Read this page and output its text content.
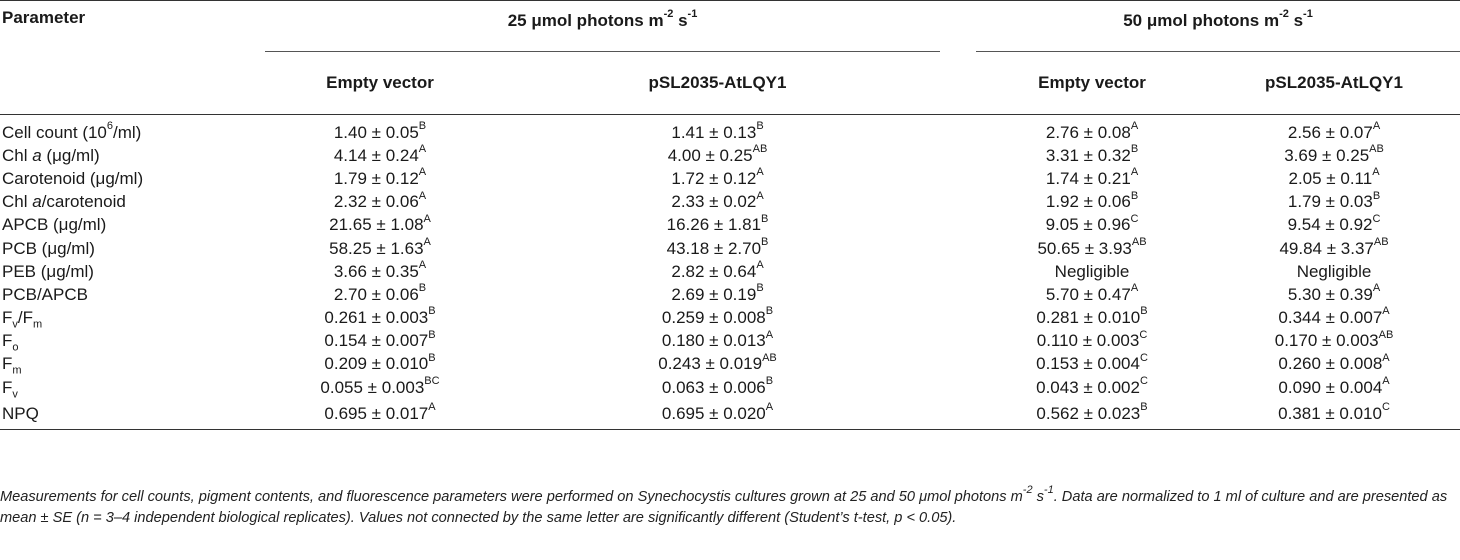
Parameter	25 μmol photons $m^{-2}$ $s^{-1}$			50 μmol photons $m^{-2}$ $s^{-1}$
	Empty vector	pSL2035-AtLQY1		Empty vector	pSL2035-AtLQY1
Cell count $(10^6/ml)$	$1.40 \pm 0.05^B$	$1.41 \pm 0.13^B$		$2.76 \pm 0.08^A$	$2.56 \pm 0.07^A$
Chl a (μg/ml)	$4.14 \pm 0.24^A$	$4.00 \pm 0.25^{AB}$		$3.31 \pm 0.32^B$	$3.69 \pm 0.25^{AB}$
Carotenoid (μg/ml)	$1.79 \pm 0.12^A$	$1.72 \pm 0.12^A$		$1.74 \pm 0.21^A$	$2.05 \pm 0.11^A$
Chl a/carotenoid	$2.32 \pm 0.06^A$	$2.33 \pm 0.02^A$		$1.92 \pm 0.06^B$	$1.79 \pm 0.03^B$
APCB (μg/ml)	$21.65 \pm 1.08^A$	$16.26 \pm 1.81^B$		$9.05 \pm 0.96^C$	$9.54 \pm 0.92^C$
PCB (μg/ml)	$58.25 \pm 1.63^A$	$43.18 \pm 2.70^B$		$50.65 \pm 3.93^{AB}$	$49.84 \pm 3.37^{AB}$
PEB (μg/ml)	$3.66 \pm 0.35^A$	$2.82 \pm 0.64^A$		Negligible	Negligible
PCB/APCB	$2.70 \pm 0.06^B$	$2.69 \pm 0.19^B$		$5.70 \pm 0.47^A$	$5.30 \pm 0.39^A$
$F_v/F_m$	$0.261 \pm 0.003^B$	$0.259 \pm 0.008^B$		$0.281 \pm 0.010^B$	$0.344 \pm 0.007^A$
$F_o$	$0.154 \pm 0.007^B$	$0.180 \pm 0.013^A$		$0.110 \pm 0.003^C$	$0.170 \pm 0.003^{AB}$
$F_m$	$0.209 \pm 0.010^B$	$0.243 \pm 0.019^{AB}$		$0.153 \pm 0.004^C$	$0.260 \pm 0.008^A$
$F_v$	$0.055 \pm 0.003^{BC}$	$0.063 \pm 0.006^B$		$0.043 \pm 0.002^C$	$0.090 \pm 0.004^A$
NPQ	$0.695 \pm 0.017^A$	$0.695 \pm 0.020^A$		$0.562 \pm 0.023^B$	$0.381 \pm 0.010^C$
Measurements for cell counts, pigment contents, and fluorescence parameters were performed on Synechocystis cultures grown at 25 and 50 μmol photons $m^{-2}$ $s^{-1}$. Data are normalized to 1 ml of culture and are presented as mean ± SE (n = 3–4 independent biological replicates). Values not connected by the same letter are significantly different (Student’s t-test, p < 0.05).
